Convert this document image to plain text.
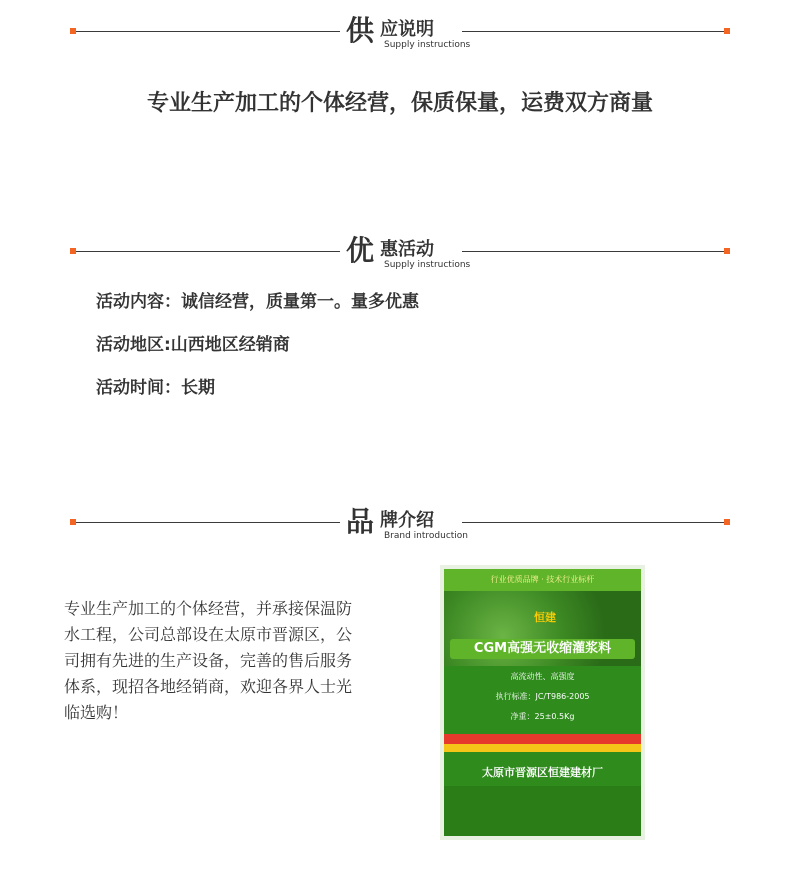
供 应说明
Supply instructions
专业生产加工的个体经营，保质保量，运费双方商量
优 惠活动
Supply instructions
活动内容：诚信经营，质量第一。量多优惠
活动地区:山西地区经销商
活动时间：长期
品 牌介绍
Brand introduction
专业生产加工的个体经营，并承接保温防水工程，公司总部设在太原市晋源区，公司拥有先进的生产设备，完善的售后服务体系，现招各地经销商，欢迎各界人士光临选购！
行业优质品牌 · 技术行业标杆
恒建
CGM高强无收缩灌浆料
高流动性、高强度
执行标准：JC/T986-2005
净重：25±0.5Kg
太原市晋源区恒建建材厂
